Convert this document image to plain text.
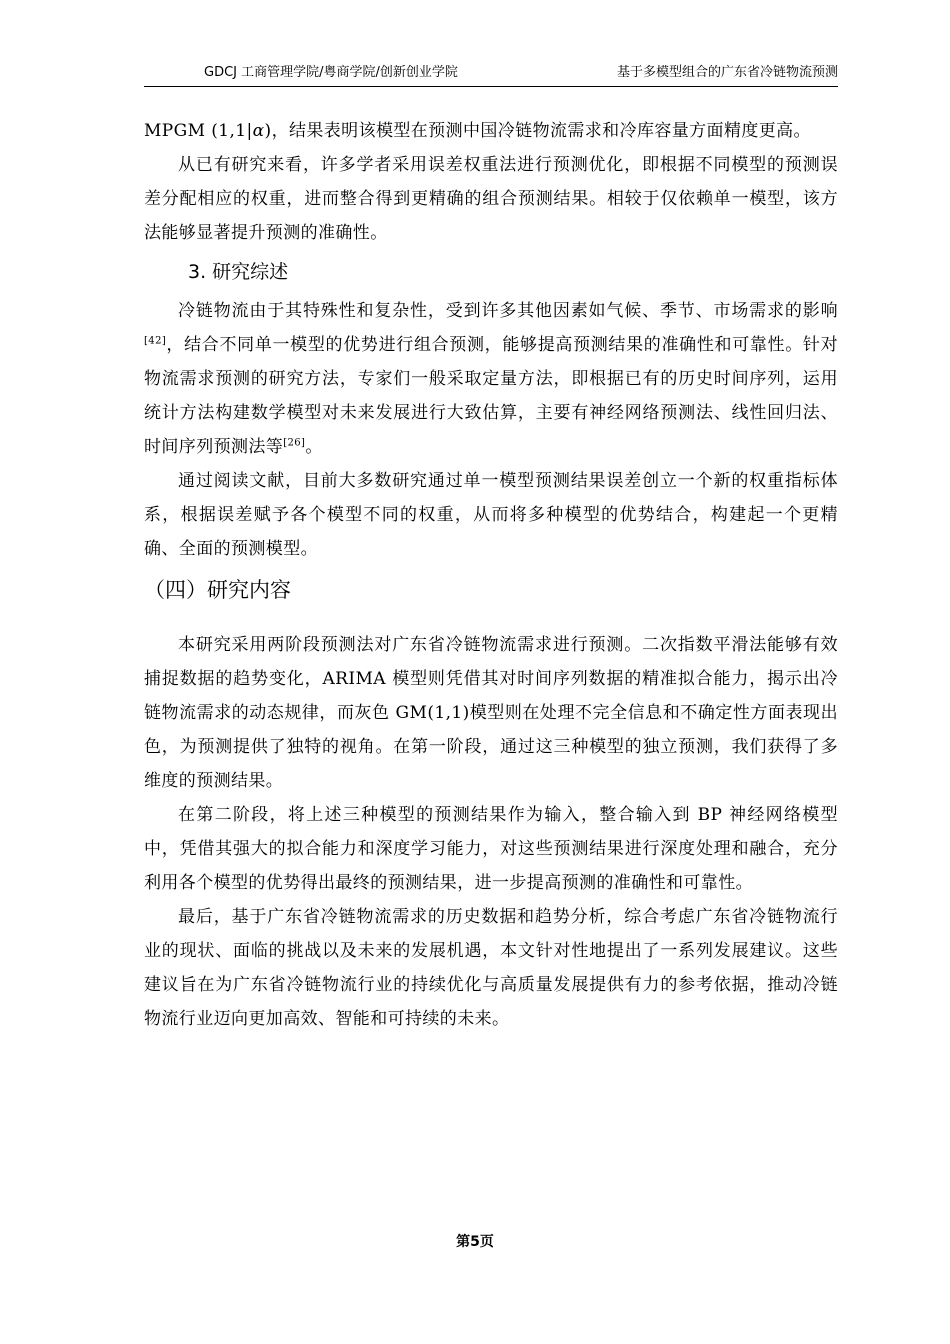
GDCJ 工商管理学院/粤商学院/创新创业学院	基于多模型组合的广东省冷链物流预测

MPGM (1,1|α)，结果表明该模型在预测中国冷链物流需求和冷库容量方面精度更高。

从已有研究来看，许多学者采用误差权重法进行预测优化，即根据不同模型的预测误差分配相应的权重，进而整合得到更精确的组合预测结果。相较于仅依赖单一模型，该方法能够显著提升预测的准确性。

3. 研究综述

冷链物流由于其特殊性和复杂性，受到许多其他因素如气候、季节、市场需求的影响[42]，结合不同单一模型的优势进行组合预测，能够提高预测结果的准确性和可靠性。针对物流需求预测的研究方法，专家们一般采取定量方法，即根据已有的历史时间序列，运用统计方法构建数学模型对未来发展进行大致估算，主要有神经网络预测法、线性回归法、时间序列预测法等[26]。

通过阅读文献，目前大多数研究通过单一模型预测结果误差创立一个新的权重指标体系，根据误差赋予各个模型不同的权重，从而将多种模型的优势结合，构建起一个更精确、全面的预测模型。

（四）研究内容

本研究采用两阶段预测法对广东省冷链物流需求进行预测。二次指数平滑法能够有效捕捉数据的趋势变化，ARIMA 模型则凭借其对时间序列数据的精准拟合能力，揭示出冷链物流需求的动态规律，而灰色 GM(1,1)模型则在处理不完全信息和不确定性方面表现出色，为预测提供了独特的视角。在第一阶段，通过这三种模型的独立预测，我们获得了多维度的预测结果。

在第二阶段，将上述三种模型的预测结果作为输入，整合输入到 BP 神经网络模型中，凭借其强大的拟合能力和深度学习能力，对这些预测结果进行深度处理和融合，充分利用各个模型的优势得出最终的预测结果，进一步提高预测的准确性和可靠性。

最后，基于广东省冷链物流需求的历史数据和趋势分析，综合考虑广东省冷链物流行业的现状、面临的挑战以及未来的发展机遇，本文针对性地提出了一系列发展建议。这些建议旨在为广东省冷链物流行业的持续优化与高质量发展提供有力的参考依据，推动冷链物流行业迈向更加高效、智能和可持续的未来。

第5页
